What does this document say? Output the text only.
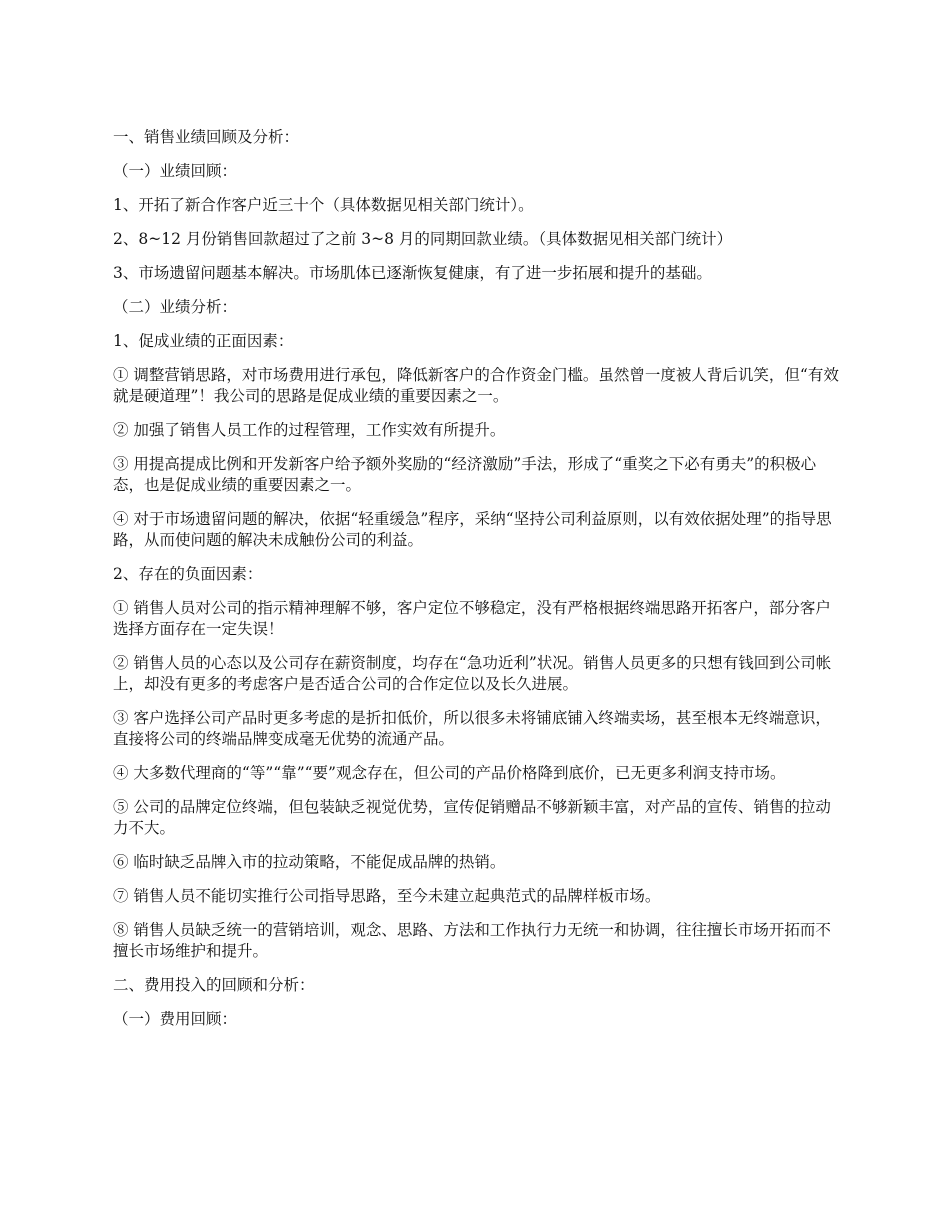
一、销售业绩回顾及分析：

（一）业绩回顾：

1、开拓了新合作客户近三十个（具体数据见相关部门统计）。

2、8~12 月份销售回款超过了之前 3~8 月的同期回款业绩。（具体数据见相关部门统计）

3、市场遗留问题基本解决。市场肌体已逐渐恢复健康，有了进一步拓展和提升的基础。

（二）业绩分析：

1、促成业绩的正面因素：

① 调整营销思路，对市场费用进行承包，降低新客户的合作资金门槛。虽然曾一度被人背后讥笑，但“有效就是硬道理”！我公司的思路是促成业绩的重要因素之一。

② 加强了销售人员工作的过程管理，工作实效有所提升。

③ 用提高提成比例和开发新客户给予额外奖励的“经济激励”手法，形成了“重奖之下必有勇夫”的积极心态，也是促成业绩的重要因素之一。

④ 对于市场遗留问题的解决，依据“轻重缓急”程序，采纳“坚持公司利益原则，以有效依据处理”的指导思路，从而使问题的解决未成触份公司的利益。

2、存在的负面因素：

① 销售人员对公司的指示精神理解不够，客户定位不够稳定，没有严格根据终端思路开拓客户，部分客户选择方面存在一定失误！

② 销售人员的心态以及公司存在薪资制度，均存在“急功近利”状况。销售人员更多的只想有钱回到公司帐上，却没有更多的考虑客户是否适合公司的合作定位以及长久进展。

③ 客户选择公司产品时更多考虑的是折扣低价，所以很多未将铺底铺入终端卖场，甚至根本无终端意识，直接将公司的终端品牌变成毫无优势的流通产品。

④ 大多数代理商的“等”“靠”“要”观念存在，但公司的产品价格降到底价，已无更多利润支持市场。

⑤ 公司的品牌定位终端，但包装缺乏视觉优势，宣传促销赠品不够新颖丰富，对产品的宣传、销售的拉动力不大。

⑥ 临时缺乏品牌入市的拉动策略，不能促成品牌的热销。

⑦ 销售人员不能切实推行公司指导思路，至今未建立起典范式的品牌样板市场。

⑧ 销售人员缺乏统一的营销培训，观念、思路、方法和工作执行力无统一和协调，往往擅长市场开拓而不擅长市场维护和提升。

二、费用投入的回顾和分析：

（一）费用回顾：
